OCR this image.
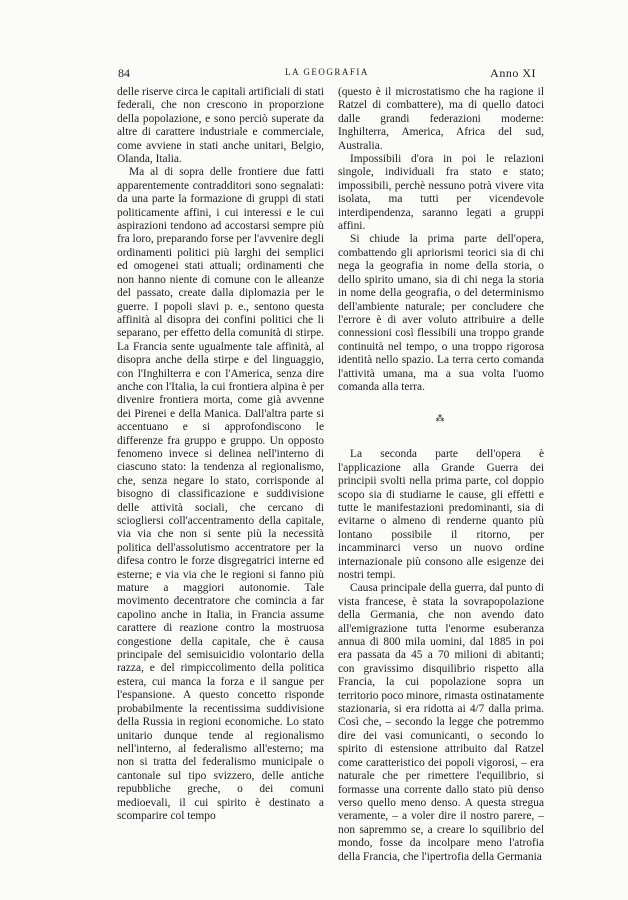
84	LA GEOGRAFIA	Anno XI

delle riserve circa le capitali artificiali di stati federali, che non crescono in proporzione della popolazione, e sono perciò superate da altre di carattere industriale e commerciale, come avviene in stati anche unitari, Belgio, Olanda, Italia.

Ma al di sopra delle frontiere due fatti apparentemente contradditori sono segnalati: da una parte la formazione di gruppi di stati politicamente affini, i cui interessi e le cui aspirazioni tendono ad accostarsi sempre più fra loro, preparando forse per l'avvenire degli ordinamenti politici più larghi dei semplici ed omogenei stati attuali; ordinamenti che non hanno niente di comune con le alleanze del passato, create dalla diplomazia per le guerre. I popoli slavi p. e., sentono questa affinità al disopra dei confini politici che li separano, per effetto della comunità di stirpe. La Francia sente ugualmente tale affinità, al disopra anche della stirpe e del linguaggio, con l'Inghilterra e con l'America, senza dire anche con l'Italia, la cui frontiera alpina è per divenire frontiera morta, come già avvenne dei Pirenei e della Manica. Dall'altra parte si accentuano e si approfondiscono le differenze fra gruppo e gruppo. Un opposto fenomeno invece si delinea nell'interno di ciascuno stato: la tendenza al regionalismo, che, senza negare lo stato, corrisponde al bisogno di classificazione e suddivisione delle attività sociali, che cercano di sciogliersi coll'accentramento della capitale, via via che non si sente più la necessità politica dell'assolutismo accentratore per la difesa contro le forze disgregatrici interne ed esterne; e via via che le regioni si fanno più mature a maggiori autonomie. Tale movimento decentratore che comincia a far capolino anche in Italia, in Francia assume carattere di reazione contro la mostruosa congestione della capitale, che è causa principale del semisuicidio volontario della razza, e del rimpiccolimento della politica estera, cui manca la forza e il sangue per l'espansione. A questo concetto risponde probabilmente la recentissima suddivisione della Russia in regioni economiche. Lo stato unitario dunque tende al regionalismo nell'interno, al federalismo all'esterno; ma non si tratta del federalismo municipale o cantonale sul tipo svizzero, delle antiche repubbliche greche, o dei comuni medioevali, il cui spirito è destinato a scomparire col tempo

(questo è il microstatismo che ha ragione il Ratzel di combattere), ma di quello datoci dalle grandi federazioni moderne: Inghilterra, America, Africa del sud, Australia.

Impossibili d'ora in poi le relazioni singole, individuali fra stato e stato; impossibili, perchè nessuno potrà vivere vita isolata, ma tutti per vicendevole interdipendenza, saranno legati a gruppi affini.

Si chiude la prima parte dell'opera, combattendo gli apriorismi teorici sia di chi nega la geografia in nome della storia, o dello spirito umano, sia di chi nega la storia in nome della geografia, o del determinismo dell'ambiente naturale; per concludere che l'errore è di aver voluto attribuire a delle connessioni così flessibili una troppo grande continuità nel tempo, o una troppo rigorosa identità nello spazio. La terra certo comanda l'attività umana, ma a sua volta l'uomo comanda alla terra.

⁂

La seconda parte dell'opera è l'applicazione alla Grande Guerra dei principii svolti nella prima parte, col doppio scopo sia di studiarne le cause, gli effetti e tutte le manifestazioni predominanti, sia di evitarne o almeno di renderne quanto più lontano possibile il ritorno, per incamminarci verso un nuovo ordine internazionale più consono alle esigenze dei nostri tempi.

Causa principale della guerra, dal punto di vista francese, è stata la sovrapopolazione della Germania, che non avendo dato all'emigrazione tutta l'enorme esuberanza annua di 800 mila uomini, dal 1885 in poi era passata da 45 a 70 milioni di abitanti; con gravissimo disquilibrio rispetto alla Francia, la cui popolazione sopra un territorio poco minore, rimasta ostinatamente stazionaria, si era ridotta ai 4/7 dalla prima. Così che, – secondo la legge che potremmo dire dei vasi comunicanti, o secondo lo spirito di estensione attribuito dal Ratzel come caratteristico dei popoli vigorosi, – era naturale che per rimettere l'equilibrio, si formasse una corrente dallo stato più denso verso quello meno denso. A questa stregua veramente, – a voler dire il nostro parere, – non sapremmo se, a creare lo squilibrio del mondo, fosse da incolpare meno l'atrofia della Francia, che l'ipertrofia della Germania
